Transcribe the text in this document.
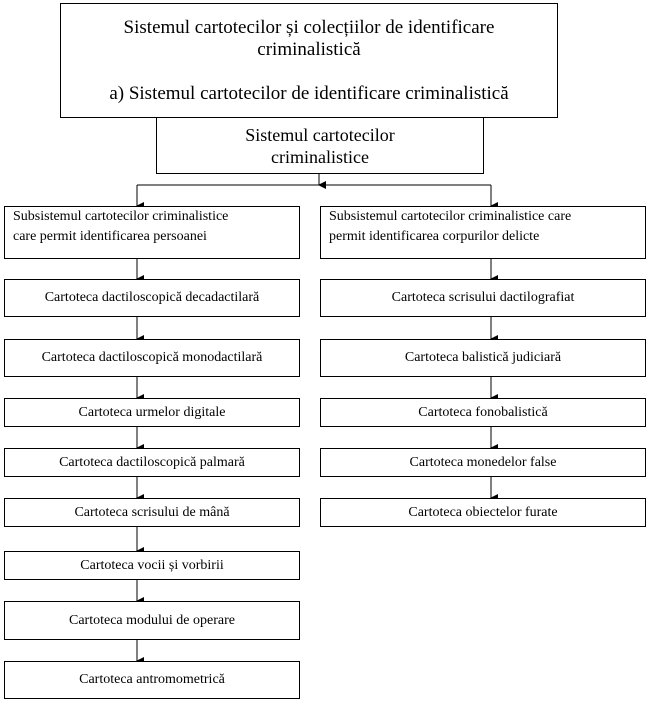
Sistemul cartotecilor și colecțiilor de identificare
criminalistică
a) Sistemul cartotecilor de identificare criminalistică
Sistemul cartotecilor
criminalistice
Subsistemul cartotecilor criminalistice
care permit identificarea persoanei
Subsistemul cartotecilor criminalistice care
permit identificarea corpurilor delicte
Cartoteca dactiloscopică decadactilară
Cartoteca dactiloscopică monodactilară
Cartoteca urmelor digitale
Cartoteca dactiloscopică palmară
Cartoteca scrisului de mână
Cartoteca vocii și vorbirii
Cartoteca modului de operare
Cartoteca antromometrică
Cartoteca scrisului dactilografiat
Cartoteca balistică judiciară
Cartoteca fonobalistică
Cartoteca monedelor false
Cartoteca obiectelor furate
